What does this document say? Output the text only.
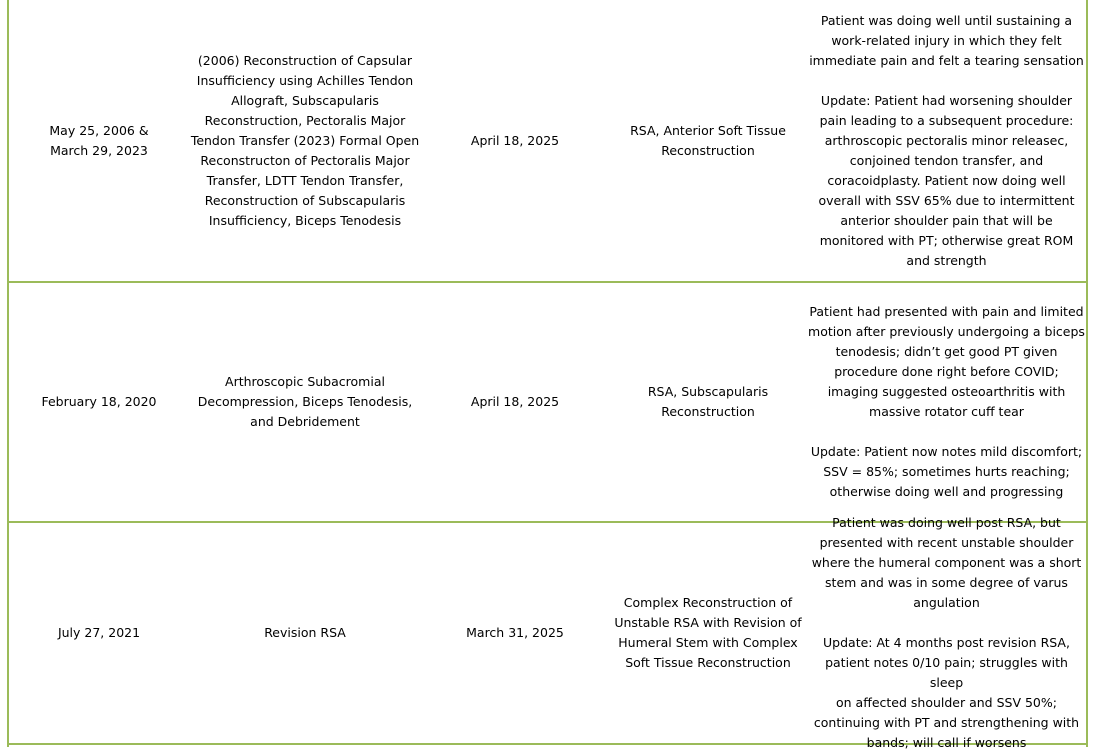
May 25, 2006 &
March 29, 2023
(2006) Reconstruction of Capsular
Insufficiency using Achilles Tendon
Allograft, Subscapularis
Reconstruction, Pectoralis Major
Tendon Transfer (2023) Formal Open
Reconstructon of Pectoralis Major
Transfer, LDTT Tendon Transfer,
Reconstruction of Subscapularis
Insufficiency, Biceps Tenodesis
April 18, 2025
RSA, Anterior Soft Tissue
Reconstruction
Patient was doing well until sustaining a
work-related injury in which they felt
immediate pain and felt a tearing sensation

Update: Patient had worsening shoulder
pain leading to a subsequent procedure:
arthroscopic pectoralis minor releasec,
conjoined tendon transfer, and
coracoidplasty. Patient now doing well
overall with SSV 65% due to intermittent
anterior shoulder pain that will be
monitored with PT; otherwise great ROM
and strength
February 18, 2020
Arthroscopic Subacromial
Decompression, Biceps Tenodesis,
and Debridement
April 18, 2025
RSA, Subscapularis
Reconstruction
Patient had presented with pain and limited
motion after previously undergoing a biceps
tenodesis; didn’t get good PT given
procedure done right before COVID;
imaging suggested osteoarthritis with
massive rotator cuff tear

Update: Patient now notes mild discomfort;
SSV = 85%; sometimes hurts reaching;
otherwise doing well and progressing
July 27, 2021	Revision RSA	March 31, 2025
Complex Reconstruction of
Unstable RSA with Revision of
Humeral Stem with Complex
Soft Tissue Reconstruction
Patient was doing well post RSA, but
presented with recent unstable shoulder
where the humeral component was a short
stem and was in some degree of varus
angulation

Update: At 4 months post revision RSA,
patient notes 0/10 pain; struggles with sleep
on affected shoulder and SSV 50%;
continuing with PT and strengthening with
bands; will call if worsens
